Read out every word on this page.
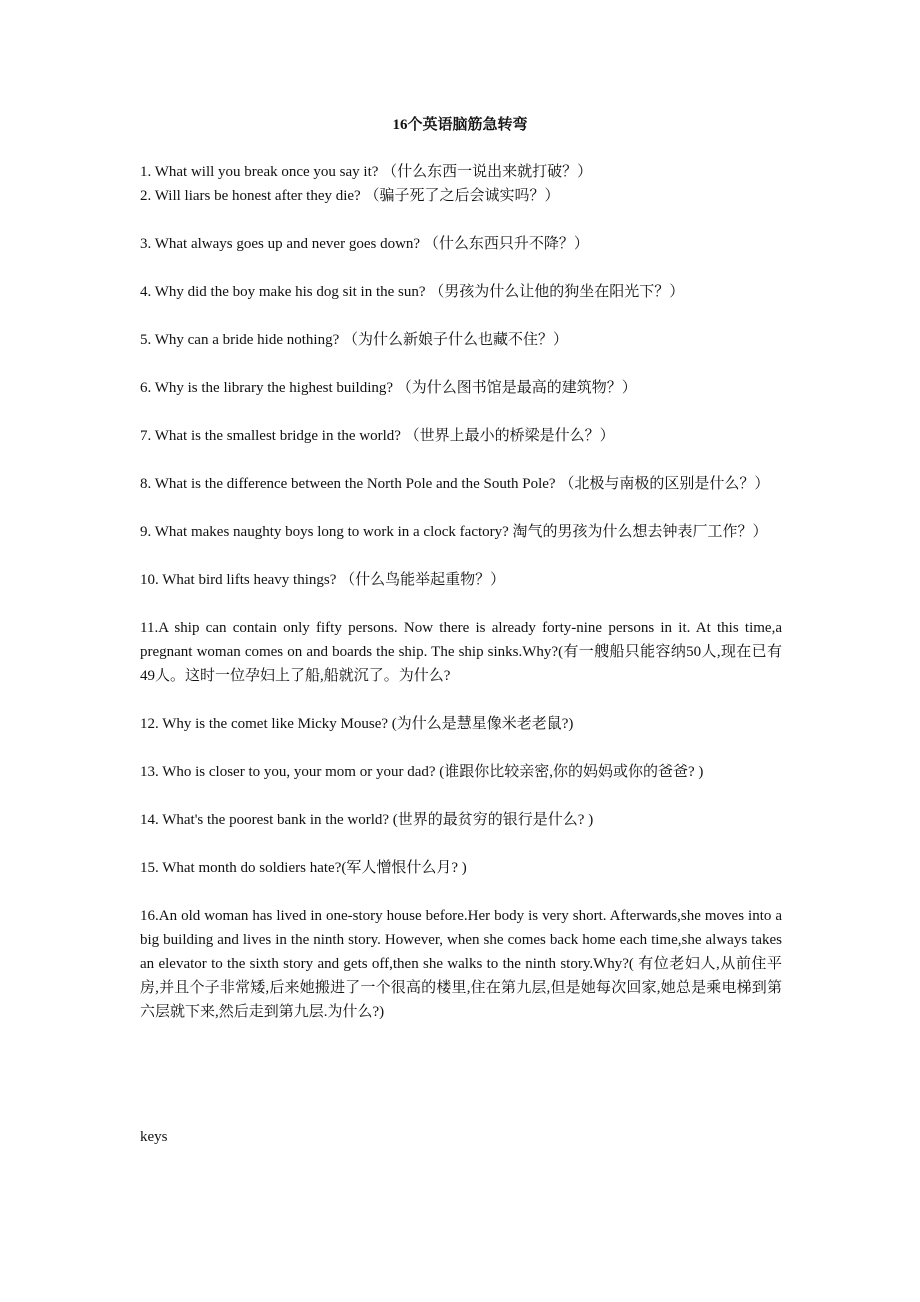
16个英语脑筋急转弯

1. What will you break once you say it? （什么东西一说出来就打破？）

2. Will liars be honest after they die? （骗子死了之后会诚实吗？）

3. What always goes up and never goes down? （什么东西只升不降？）

4. Why did the boy make his dog sit in the sun? （男孩为什么让他的狗坐在阳光下？）

5. Why can a bride hide nothing? （为什么新娘子什么也藏不住？）

6. Why is the library the highest building? （为什么图书馆是最高的建筑物？）

7. What is the smallest bridge in the world? （世界上最小的桥梁是什么？）

8. What is the difference between the North Pole and the South Pole? （北极与南极的区别是什么？）

9. What makes naughty boys long to work in a clock factory? 淘气的男孩为什么想去钟表厂工作？）

10. What bird lifts heavy things? （什么鸟能举起重物？）

11.A ship can contain only fifty persons. Now there is already forty-nine persons in it. At this time,a pregnant woman comes on and boards the ship. The ship sinks.Why?(有一艘船只能容纳50人,现在已有49人。这时一位孕妇上了船,船就沉了。为什么?

12. Why is the comet like Micky Mouse? (为什么是慧星像米老老鼠?)

13. Who is closer to you, your mom or your dad? (谁跟你比较亲密,你的妈妈或你的爸爸? )

14. What's the poorest bank in the world? (世界的最贫穷的银行是什么? )

15. What month do soldiers hate?(军人憎恨什么月? )

16.An old woman has lived in one-story house before.Her body is very short. Afterwards,she moves into a big building and lives in the ninth story. However, when she comes back home each time,she always takes an elevator to the sixth story and gets off,then she walks to the ninth story.Why?( 有位老妇人,从前住平房,并且个子非常矮,后来她搬进了一个很高的楼里,住在第九层,但是她每次回家,她总是乘电梯到第六层就下来,然后走到第九层.为什么?)

keys
